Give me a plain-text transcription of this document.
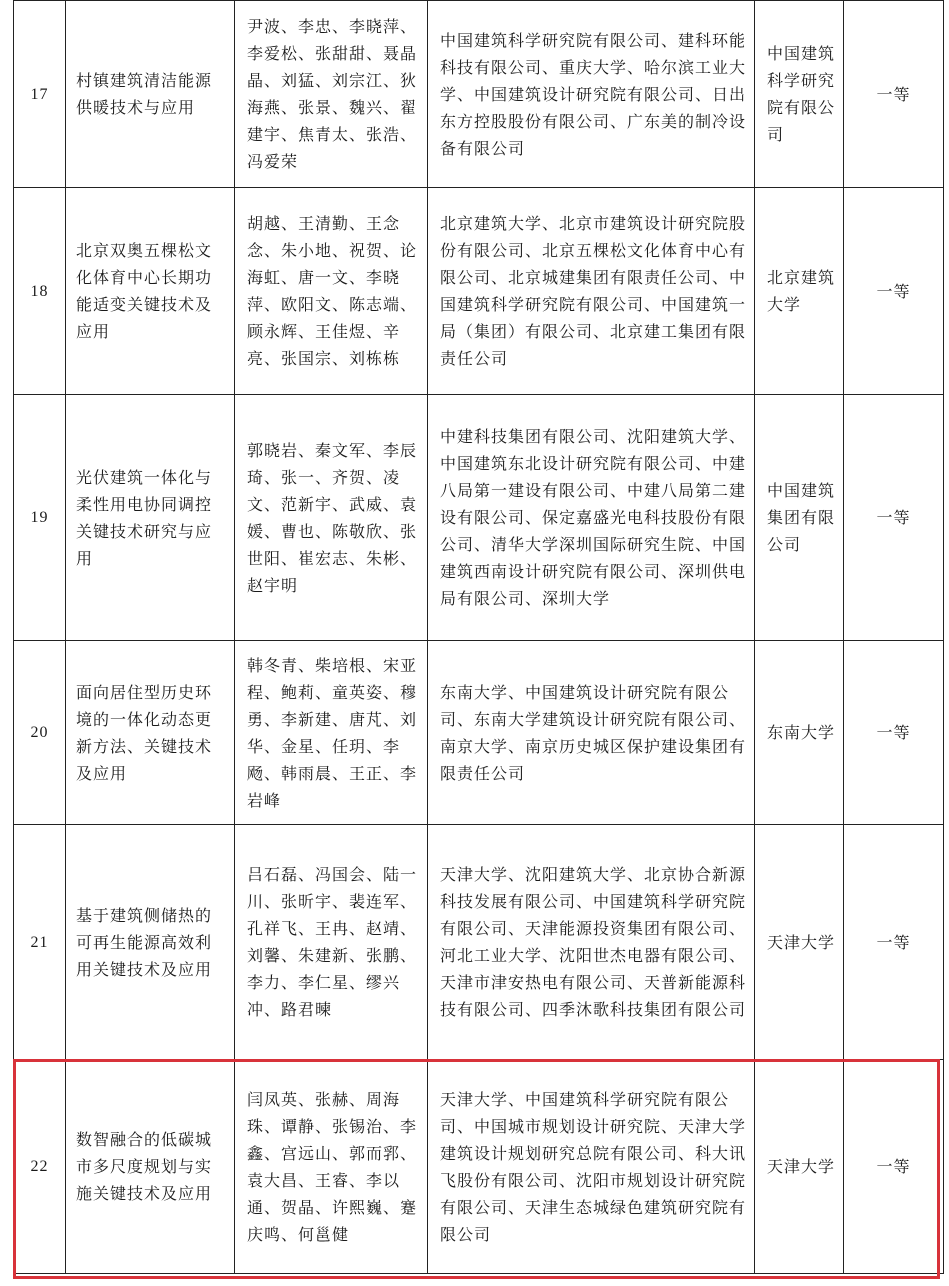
17	村镇建筑清洁能源供暖技术与应用	尹波、李忠、李晓萍、李爱松、张甜甜、聂晶晶、刘猛、刘宗江、狄海燕、张景、魏兴、翟建宇、焦青太、张浩、冯爱荣	中国建筑科学研究院有限公司、建科环能科技有限公司、重庆大学、哈尔滨工业大学、中国建筑设计研究院有限公司、日出东方控股股份有限公司、广东美的制冷设备有限公司	中国建筑科学研究院有限公司	一等
18	北京双奥五棵松文化体育中心长期功能适变关键技术及应用	胡越、王清勤、王念念、朱小地、祝贺、论海虹、唐一文、李晓萍、欧阳文、陈志端、顾永辉、王佳煜、辛亮、张国宗、刘栋栋	北京建筑大学、北京市建筑设计研究院股份有限公司、北京五棵松文化体育中心有限公司、北京城建集团有限责任公司、中国建筑科学研究院有限公司、中国建筑一局（集团）有限公司、北京建工集团有限责任公司	北京建筑大学	一等
19	光伏建筑一体化与柔性用电协同调控关键技术研究与应用	郭晓岩、秦文军、李辰琦、张一、齐贺、凌文、范新宇、武威、袁媛、曹也、陈敬欣、张世阳、崔宏志、朱彬、赵宇明	中建科技集团有限公司、沈阳建筑大学、中国建筑东北设计研究院有限公司、中建八局第一建设有限公司、中建八局第二建设有限公司、保定嘉盛光电科技股份有限公司、清华大学深圳国际研究生院、中国建筑西南设计研究院有限公司、深圳供电局有限公司、深圳大学	中国建筑集团有限公司	一等
20	面向居住型历史环境的一体化动态更新方法、关键技术及应用	韩冬青、柴培根、宋亚程、鲍莉、童英姿、穆勇、李新建、唐芃、刘华、金星、任玥、李飏、韩雨晨、王正、李岩峰	东南大学、中国建筑设计研究院有限公司、东南大学建筑设计研究院有限公司、南京大学、南京历史城区保护建设集团有限责任公司	东南大学	一等
21	基于建筑侧储热的可再生能源高效利用关键技术及应用	吕石磊、冯国会、陆一川、张昕宇、裴连军、孔祥飞、王冉、赵靖、刘馨、朱建新、张鹏、李力、李仁星、缪兴冲、路君暕	天津大学、沈阳建筑大学、北京协合新源科技发展有限公司、中国建筑科学研究院有限公司、天津能源投资集团有限公司、河北工业大学、沈阳世杰电器有限公司、天津市津安热电有限公司、天普新能源科技有限公司、四季沐歌科技集团有限公司	天津大学	一等
22	数智融合的低碳城市多尺度规划与实施关键技术及应用	闫凤英、张赫、周海珠、谭静、张锡治、李鑫、宫远山、郭而郛、袁大昌、王睿、李以通、贺晶、许熙巍、蹇庆鸣、何邕健	天津大学、中国建筑科学研究院有限公司、中国城市规划设计研究院、天津大学建筑设计规划研究总院有限公司、科大讯飞股份有限公司、沈阳市规划设计研究院有限公司、天津生态城绿色建筑研究院有限公司	天津大学	一等
